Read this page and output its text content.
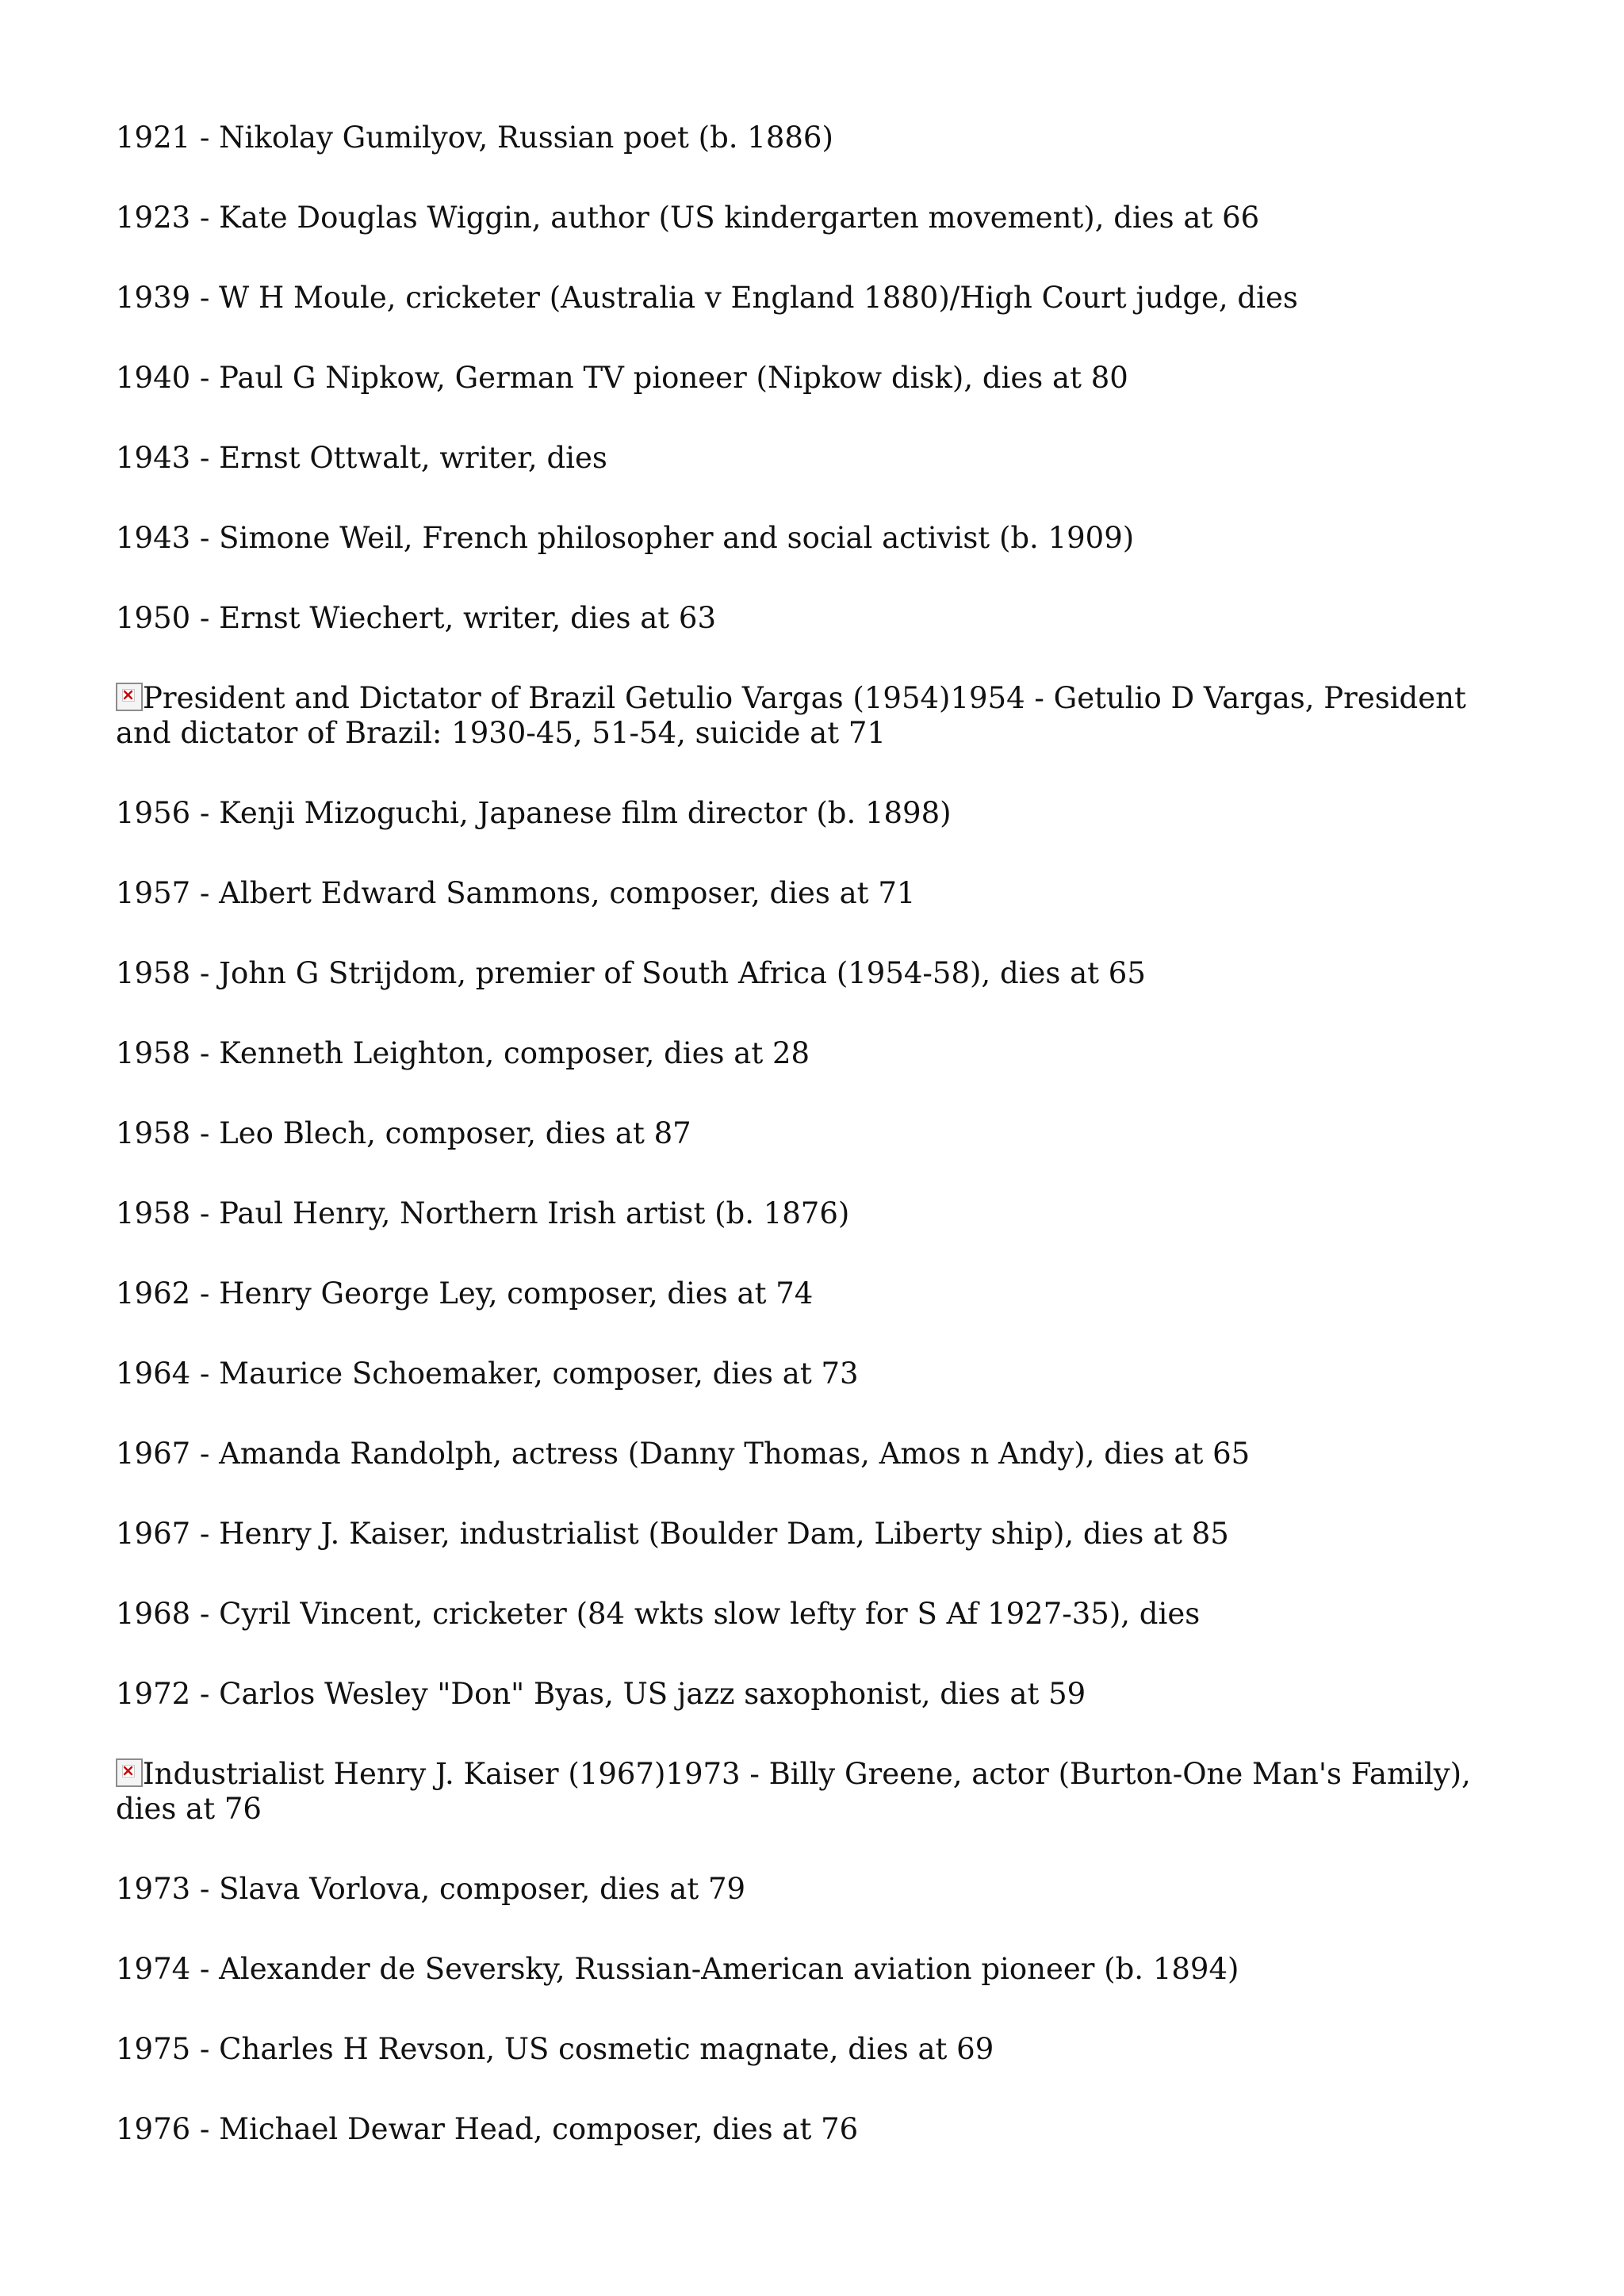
1921 - Nikolay Gumilyov, Russian poet (b. 1886)

1923 - Kate Douglas Wiggin, author (US kindergarten movement), dies at 66

1939 - W H Moule, cricketer (Australia v England 1880)/High Court judge, dies

1940 - Paul G Nipkow, German TV pioneer (Nipkow disk), dies at 80

1943 - Ernst Ottwalt, writer, dies

1943 - Simone Weil, French philosopher and social activist (b. 1909)

1950 - Ernst Wiechert, writer, dies at 63

President and Dictator of Brazil Getulio Vargas (1954)1954 - Getulio D Vargas, President and dictator of Brazil: 1930-45, 51-54, suicide at 71

1956 - Kenji Mizoguchi, Japanese film director (b. 1898)

1957 - Albert Edward Sammons, composer, dies at 71

1958 - John G Strijdom, premier of South Africa (1954-58), dies at 65

1958 - Kenneth Leighton, composer, dies at 28

1958 - Leo Blech, composer, dies at 87

1958 - Paul Henry, Northern Irish artist (b. 1876)

1962 - Henry George Ley, composer, dies at 74

1964 - Maurice Schoemaker, composer, dies at 73

1967 - Amanda Randolph, actress (Danny Thomas, Amos n Andy), dies at 65

1967 - Henry J. Kaiser, industrialist (Boulder Dam, Liberty ship), dies at 85

1968 - Cyril Vincent, cricketer (84 wkts slow lefty for S Af 1927-35), dies

1972 - Carlos Wesley "Don" Byas, US jazz saxophonist, dies at 59

Industrialist Henry J. Kaiser (1967)1973 - Billy Greene, actor (Burton-One Man's Family), dies at 76

1973 - Slava Vorlova, composer, dies at 79

1974 - Alexander de Seversky, Russian-American aviation pioneer (b. 1894)

1975 - Charles H Revson, US cosmetic magnate, dies at 69

1976 - Michael Dewar Head, composer, dies at 76
